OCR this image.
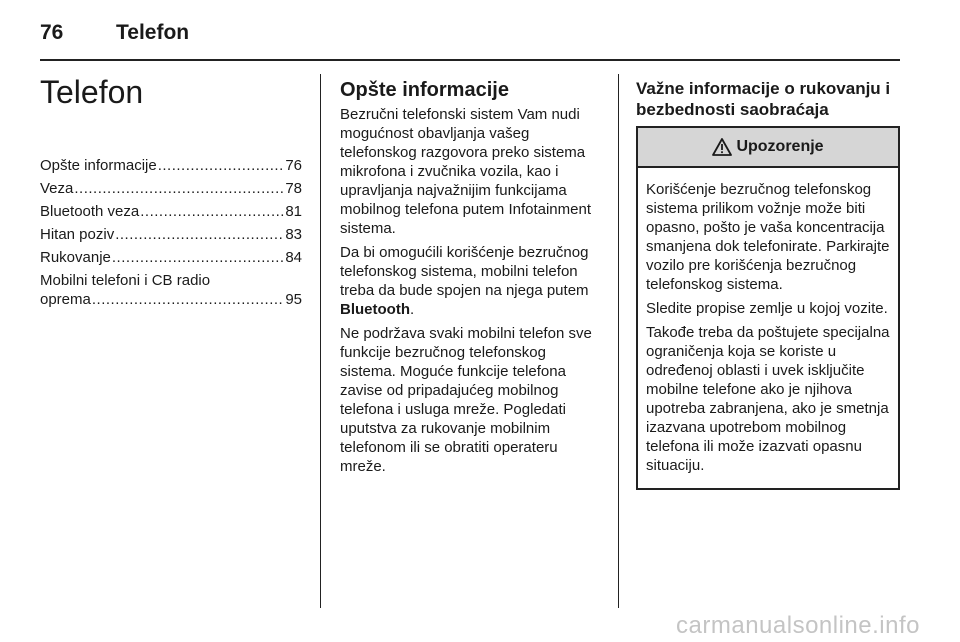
76	Telefon
Telefon
Opšte informacije .....	76
Veza .....	78
Bluetooth veza .....	81
Hitan poziv .....	83
Rukovanje .....	84
Mobilni telefoni i CB radio
oprema .....	95
Opšte informacije

Bezručni telefonski sistem Vam nudi mogućnost obavljanja vašeg telefonskog razgovora preko sistema mikrofona i zvučnika vozila, kao i upravljanja najvažnijim funkcijama mobilnog telefona putem Infotainment sistema.

Da bi omogućili korišćenje bezručnog telefonskog sistema, mobilni telefon treba da bude spojen na njega putem Bluetooth.

Ne podržava svaki mobilni telefon sve funkcije bezručnog telefonskog sistema. Moguće funkcije telefona zavise od pripadajućeg mobilnog telefona i usluga mreže. Pogledati uputstva za rukovanje mobilnim telefonom ili se obratiti operateru mreže.

Važne informacije o rukovanju i bezbednosti saobraćaja
Upozorenje

Korišćenje bezručnog telefonskog sistema prilikom vožnje može biti opasno, pošto je vaša koncentracija smanjena dok telefonirate. Parkirajte vozilo pre korišćenja bezručnog telefonskog sistema.

Sledite propise zemlje u kojoj vozite.

Takođe treba da poštujete specijalna ograničenja koja se koriste u određenoj oblasti i uvek isključite mobilne telefone ako je njihova upotreba zabranjena, ako je smetnja izazvana upotrebom mobilnog telefona ili može izazvati opasnu situaciju.

carmanualsonline.info
